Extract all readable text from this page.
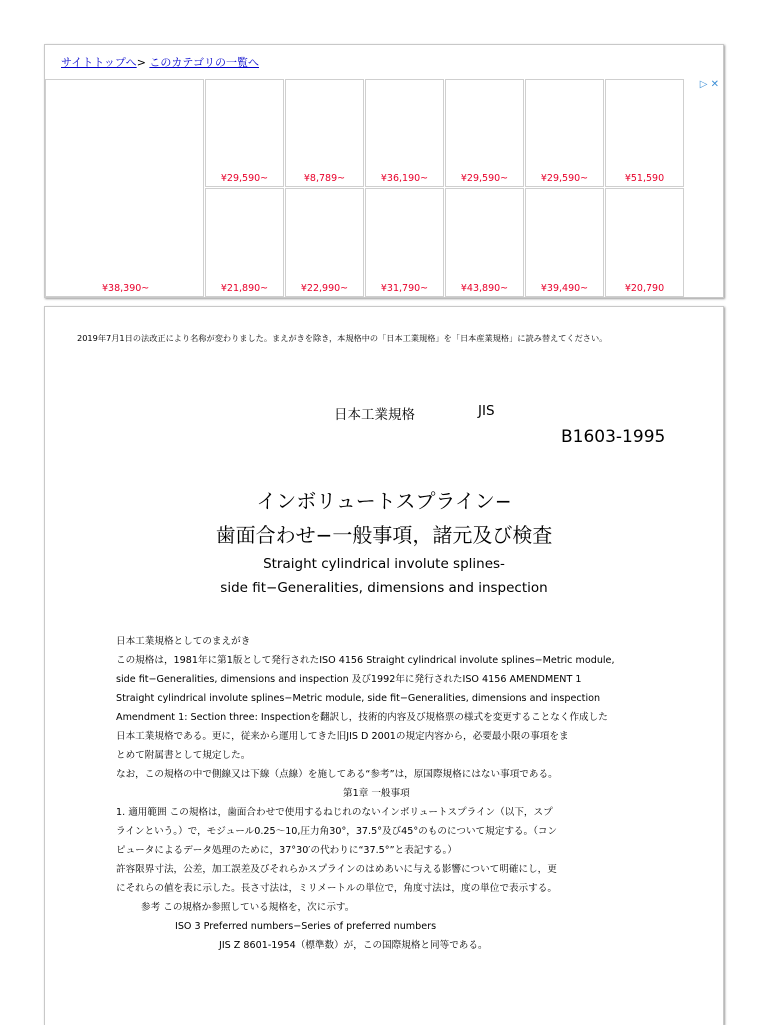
サイトトップへ> このカテゴリの一覧へ
▷ ✕
¥38,390~
¥29,590~	¥8,789~	¥36,190~	¥29,590~	¥29,590~	¥51,590
¥21,890~	¥22,990~	¥31,790~	¥43,890~	¥39,490~	¥20,790
2019年7月1日の法改正により名称が変わりました。まえがきを除き，本規格中の「日本工業規格」を「日本産業規格」に読み替えてください。
日本工業規格	JIS
B1603-1995
インボリュートスプライン−
歯面合わせ−一般事項，諸元及び検査
Straight cylindrical involute splines-
side fit−Generalities, dimensions and inspection
日本工業規格としてのまえがき
この規格は，1981年に第1版として発行されたISO 4156 Straight cylindrical involute splines−Metric module,
side fit−Generalities, dimensions and inspection 及び1992年に発行されたISO 4156 AMENDMENT 1
Straight cylindrical involute splines−Metric module, side fit−Generalities, dimensions and inspection
Amendment 1: Section three: Inspectionを翻訳し，技術的内容及び規格票の様式を変更することなく作成した
日本工業規格である。更に，従来から運用してきた旧JIS D 2001の規定内容から，必要最小限の事項をま
とめて附属書として規定した。
なお，この規格の中で側線又は下線（点線）を施してある“参考”は，原国際規格にはない事項である。
第1章 一般事項
1. 適用範囲 この規格は，歯面合わせで使用するねじれのないインボリュートスプライン（以下，スプ
ラインという。）で，モジュール0.25～10,圧力角30°，37.5°及び45°のものについて規定する。（コン
ピュータによるデータ処理のために，37°30′の代わりに“37.5°”と表記する。）
許容限界寸法，公差，加工誤差及びそれらかスプラインのはめあいに与える影響について明確にし，更
にそれらの値を表に示した。長さ寸法は，ミリメートルの単位で，角度寸法は，度の単位で表示する。
参考 この規格か参照している規格を，次に示す。
ISO 3 Preferred numbers−Series of preferred numbers
JIS Z 8601-1954（標準数）が，この国際規格と同等である。
